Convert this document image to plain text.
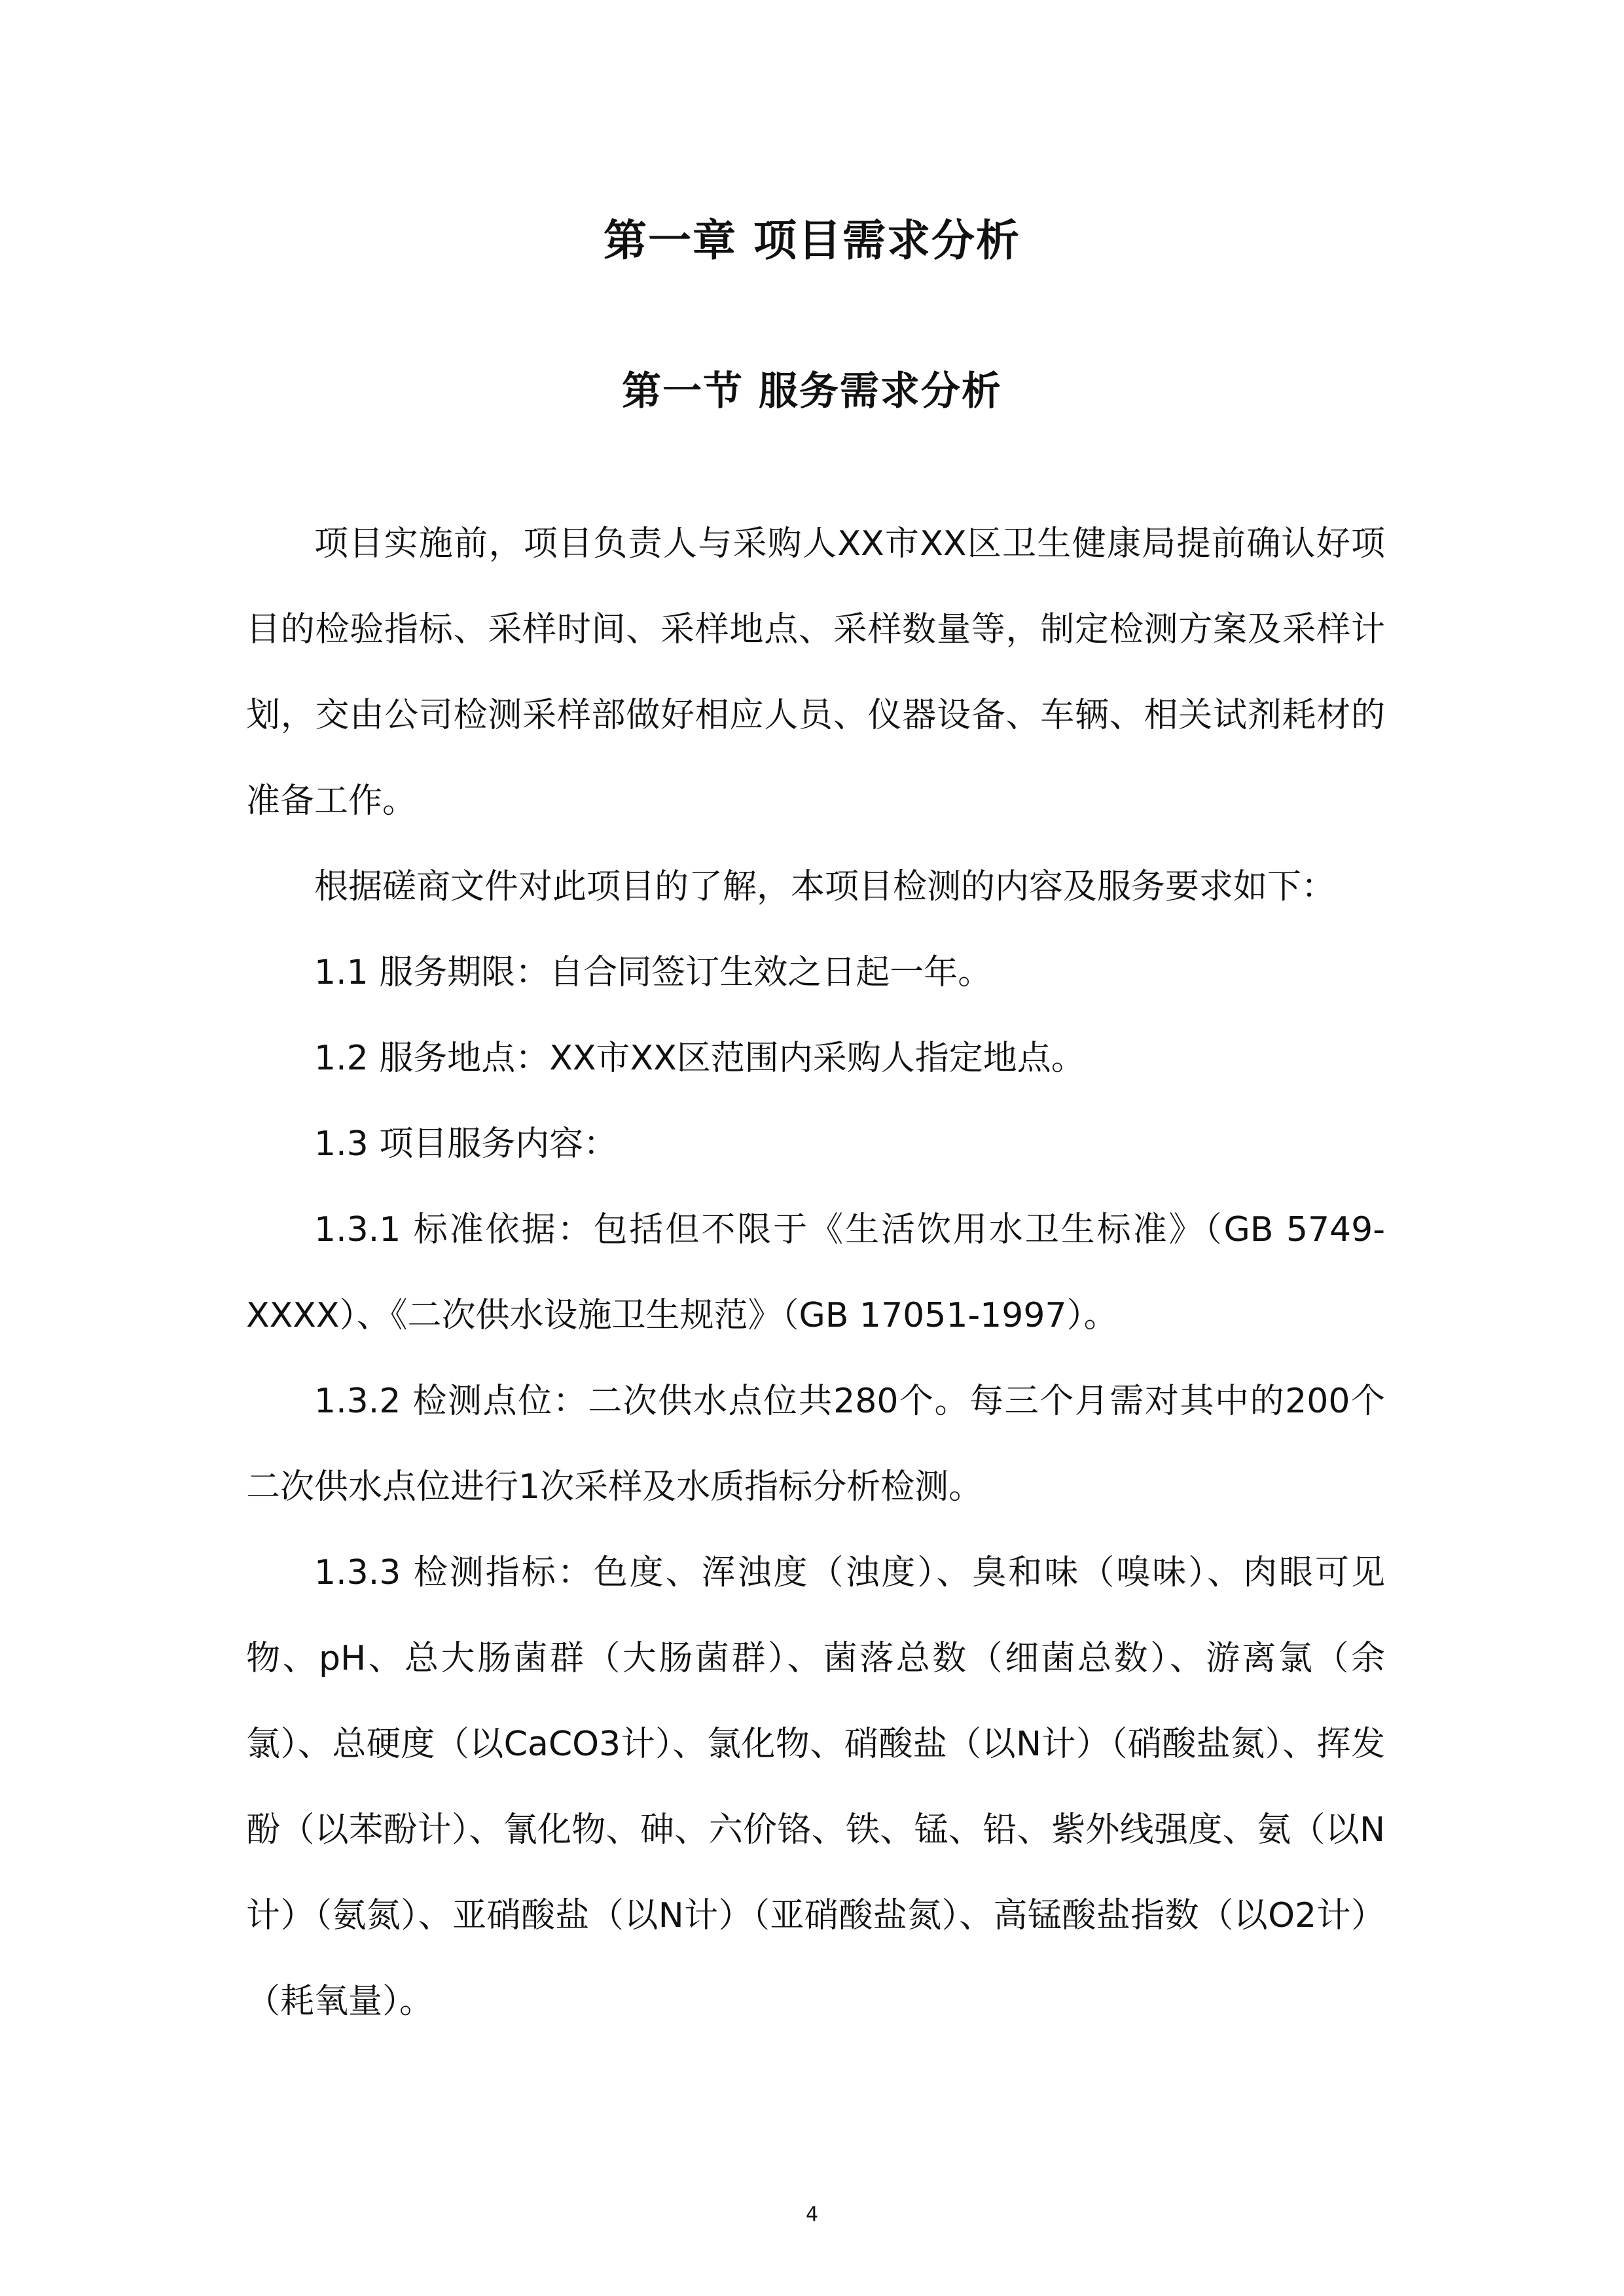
第一章 项目需求分析
第一节 服务需求分析

项目实施前，项目负责人与采购人XX市XX区卫生健康局提前确认好项目的检验指标、采样时间、采样地点、采样数量等，制定检测方案及采样计划，交由公司检测采样部做好相应人员、仪器设备、车辆、相关试剂耗材的准备工作。

根据磋商文件对此项目的了解，本项目检测的内容及服务要求如下：

1.1 服务期限：自合同签订生效之日起一年。

1.2 服务地点：XX市XX区范围内采购人指定地点。

1.3 项目服务内容：

1.3.1 标准依据：包括但不限于《生活饮用水卫生标准》（GB 5749-XXXX）、《二次供水设施卫生规范》（GB 17051-1997）。

1.3.2 检测点位：二次供水点位共280个。每三个月需对其中的200个二次供水点位进行1次采样及水质指标分析检测。

1.3.3 检测指标：色度、浑浊度（浊度）、臭和味（嗅味）、肉眼可见物、pH、总大肠菌群（大肠菌群）、菌落总数（细菌总数）、游离氯（余氯）、总硬度（以CaCO3计）、氯化物、硝酸盐（以N计）（硝酸盐氮）、挥发酚（以苯酚计）、氰化物、砷、六价铬、铁、锰、铅、紫外线强度、氨（以N计）（氨氮）、亚硝酸盐（以N计）（亚硝酸盐氮）、高锰酸盐指数（以O2计）（耗氧量）。

4
